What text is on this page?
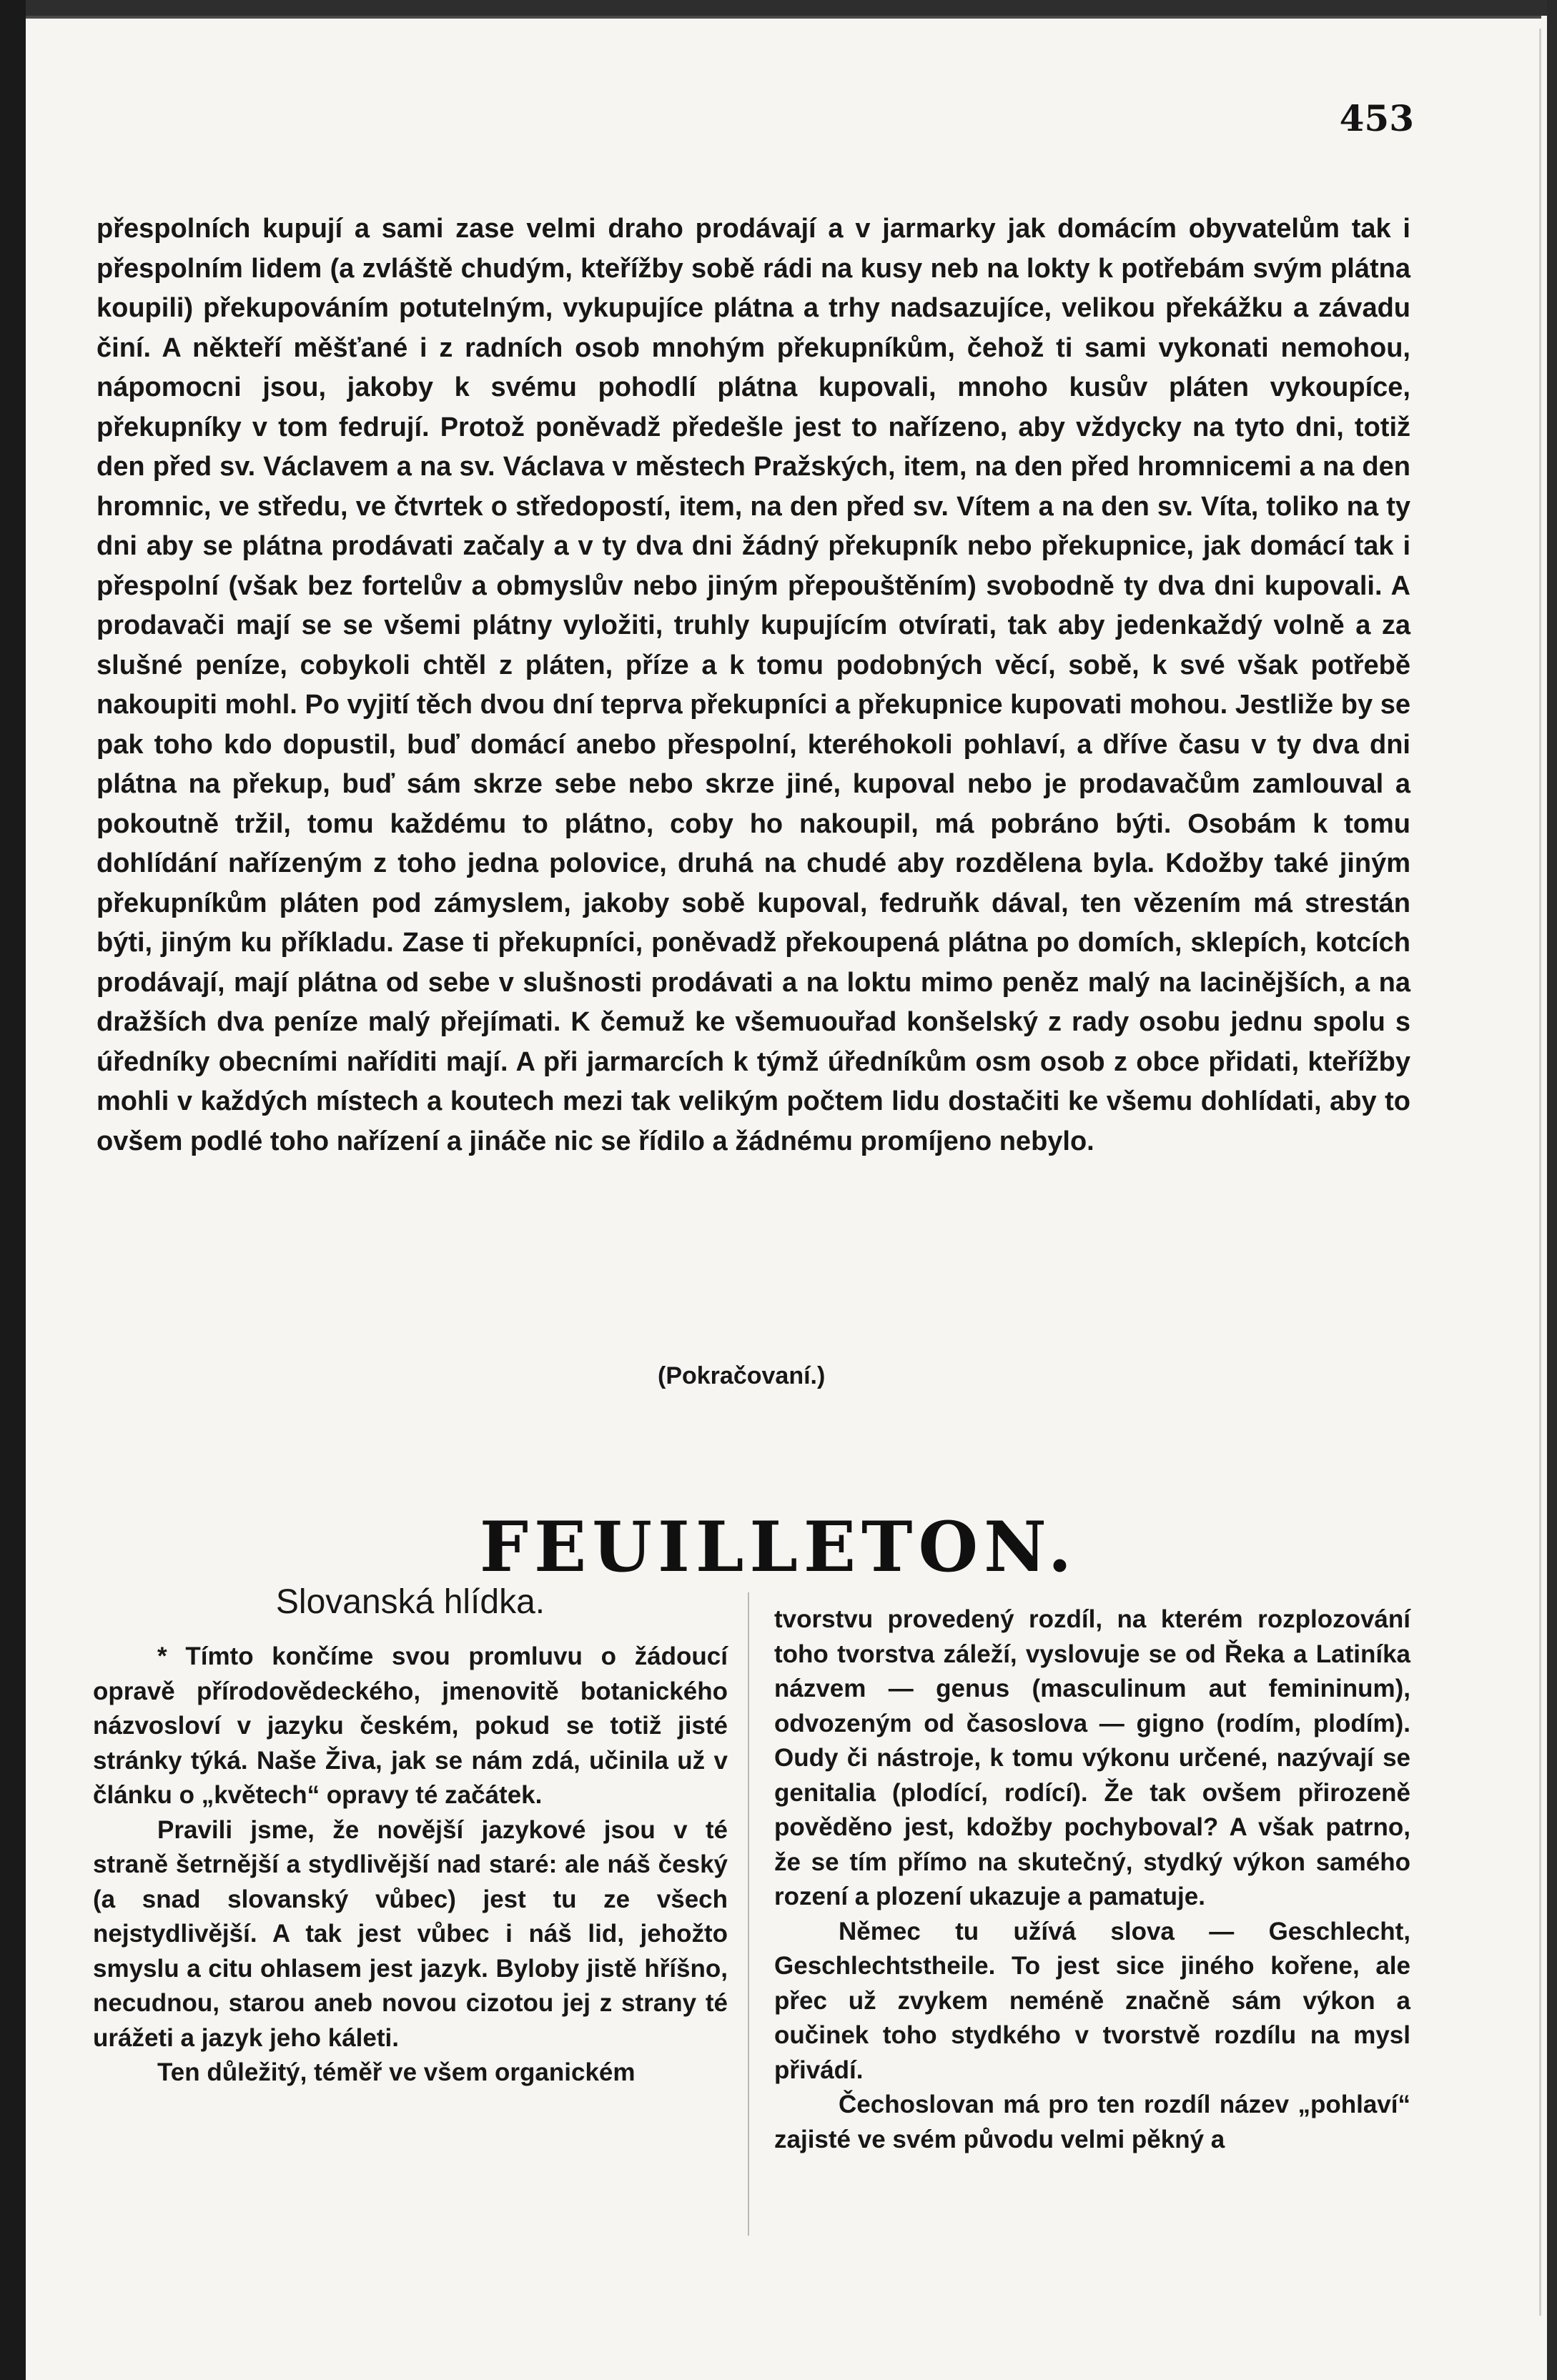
453

přespolních kupují a sami zase velmi draho prodávají a v jarmarky jak domácím obyvatelům tak i přespolním lidem (a zvláště chudým, kteřížby sobě rádi na kusy neb na lokty k potřebám svým plátna koupili) překupováním potutelným, vykupujíce plátna a trhy nadsazujíce, velikou překážku a závadu činí. A někteří měšťané i z radních osob mnohým překupníkům, čehož ti sami vykonati nemohou, nápomocni jsou, jakoby k svému pohodlí plátna kupovali, mnoho kusův pláten vykoupíce, překupníky v tom fedrují. Protož poněvadž předešle jest to nařízeno, aby vždycky na tyto dni, totiž den před sv. Václavem a na sv. Václava v městech Pražských, item, na den před hromnicemi a na den hromnic, ve středu, ve čtvrtek o středopostí, item, na den před sv. Vítem a na den sv. Víta, toliko na ty dni aby se plátna prodávati začaly a v ty dva dni žádný překupník nebo překupnice, jak domácí tak i přespolní (však bez fortelův a obmyslův nebo jiným přepouštěním) svobodně ty dva dni kupovali. A prodavači mají se se všemi plátny vyložiti, truhly kupujícím otvírati, tak aby jedenkaždý volně a za slušné peníze, cobykoli chtěl z pláten, příze a k tomu podobných věcí, sobě, k své však potřebě nakoupiti mohl. Po vyjití těch dvou dní teprva překupníci a překupnice kupovati mohou. Jestliže by se pak toho kdo dopustil, buď domácí anebo přespolní, kteréhokoli pohlaví, a dříve času v ty dva dni plátna na překup, buď sám skrze sebe nebo skrze jiné, kupoval nebo je prodavačům zamlouval a pokoutně tržil, tomu každému to plátno, coby ho nakoupil, má pobráno býti. Osobám k tomu dohlídání nařízeným z toho jedna polovice, druhá na chudé aby rozdělena byla. Kdožby také jiným překupníkům pláten pod zámyslem, jakoby sobě kupoval, fedruňk dával, ten vězením má strestán býti, jiným ku příkladu. Zase ti překupníci, poněvadž překoupená plátna po domích, sklepích, kotcích prodávají, mají plátna od sebe v slušnosti prodávati a na loktu mimo peněz malý na lacinějších, a na dražších dva peníze malý přejímati. K čemuž ke všemuouřad konšelský z rady osobu jednu spolu s úředníky obecními naříditi mají. A při jarmarcích k týmž úředníkům osm osob z obce přidati, kteřížby mohli v každých místech a koutech mezi tak velikým počtem lidu dostačiti ke všemu dohlídati, aby to ovšem podlé toho nařízení a jináče nic se řídilo a žádnému promíjeno nebylo.

(Pokračovaní.)
FEUILLETON.
Slovanská hlídka.

* Tímto končíme svou promluvu o žádoucí opravě přírodovědeckého, jmenovitě botanického názvosloví v jazyku českém, pokud se totiž jisté stránky týká. Naše Živa, jak se nám zdá, učinila už v článku o „květech“ opravy té začátek.

Pravili jsme, že novější jazykové jsou v té straně šetrnější a stydlivější nad staré: ale náš český (a snad slovanský vůbec) jest tu ze všech nejstydlivější. A tak jest vůbec i náš lid, jehožto smyslu a citu ohlasem jest jazyk. Byloby jistě hříšno, necudnou, starou aneb novou cizotou jej z strany té urážeti a jazyk jeho káleti.

Ten důležitý, téměř ve všem organickém

tvorstvu provedený rozdíl, na kterém rozplozování toho tvorstva záleží, vyslovuje se od Řeka a Latiníka názvem — genus (masculinum aut femininum), odvozeným od časoslova — gigno (rodím, plodím). Oudy či nástroje, k tomu výkonu určené, nazývají se genitalia (plodící, rodící). Že tak ovšem přirozeně pověděno jest, kdožby pochyboval? A však patrno, že se tím přímo na skutečný, stydký výkon samého rození a plození ukazuje a pamatuje.

Němec tu užívá slova — Geschlecht, Geschlechtstheile. To jest sice jiného kořene, ale přec už zvykem neméně značně sám výkon a oučinek toho stydkého v tvorstvě rozdílu na mysl přivádí.

Čechoslovan má pro ten rozdíl název „pohlaví“ zajisté ve svém původu velmi pěkný a
